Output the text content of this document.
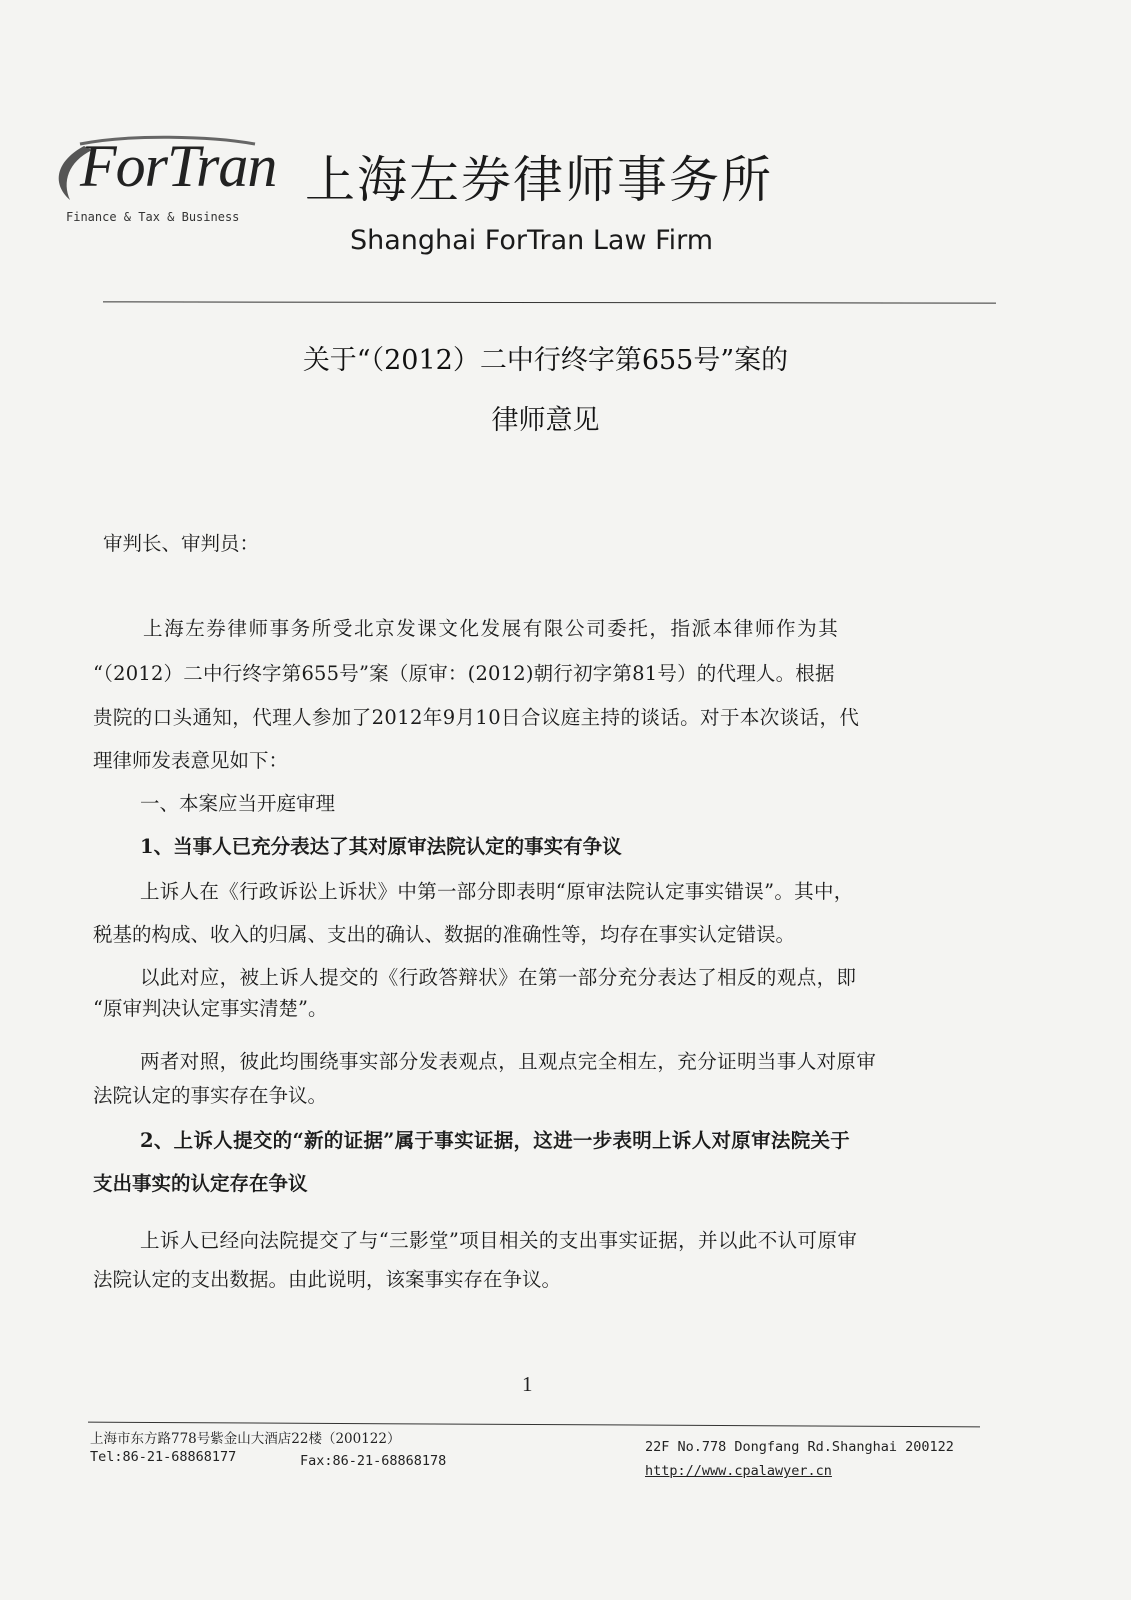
ForTran
Finance & Tax & Business
上海左券律师事务所
Shanghai ForTran Law Firm
关于“（2012）二中行终字第655号”案的
律师意见
审判长、审判员：
上海左券律师事务所受北京发课文化发展有限公司委托，指派本律师作为其
“（2012）二中行终字第655号”案（原审：(2012)朝行初字第81号）的代理人。根据
贵院的口头通知，代理人参加了2012年9月10日合议庭主持的谈话。对于本次谈话，代
理律师发表意见如下：
一、本案应当开庭审理
1、当事人已充分表达了其对原审法院认定的事实有争议
上诉人在《行政诉讼上诉状》中第一部分即表明“原审法院认定事实错误”。其中，
税基的构成、收入的归属、支出的确认、数据的准确性等，均存在事实认定错误。
以此对应，被上诉人提交的《行政答辩状》在第一部分充分表达了相反的观点，即
“原审判决认定事实清楚”。
两者对照，彼此均围绕事实部分发表观点，且观点完全相左，充分证明当事人对原审
法院认定的事实存在争议。
2、上诉人提交的“新的证据”属于事实证据，这进一步表明上诉人对原审法院关于
支出事实的认定存在争议
上诉人已经向法院提交了与“三影堂”项目相关的支出事实证据，并以此不认可原审
法院认定的支出数据。由此说明，该案事实存在争议。
1
上海市东方路778号紫金山大酒店22楼（200122）
Tel:86-21-68868177	Fax:86-21-68868178
22F No.778 Dongfang Rd.Shanghai 200122
http://www.cpalawyer.cn
